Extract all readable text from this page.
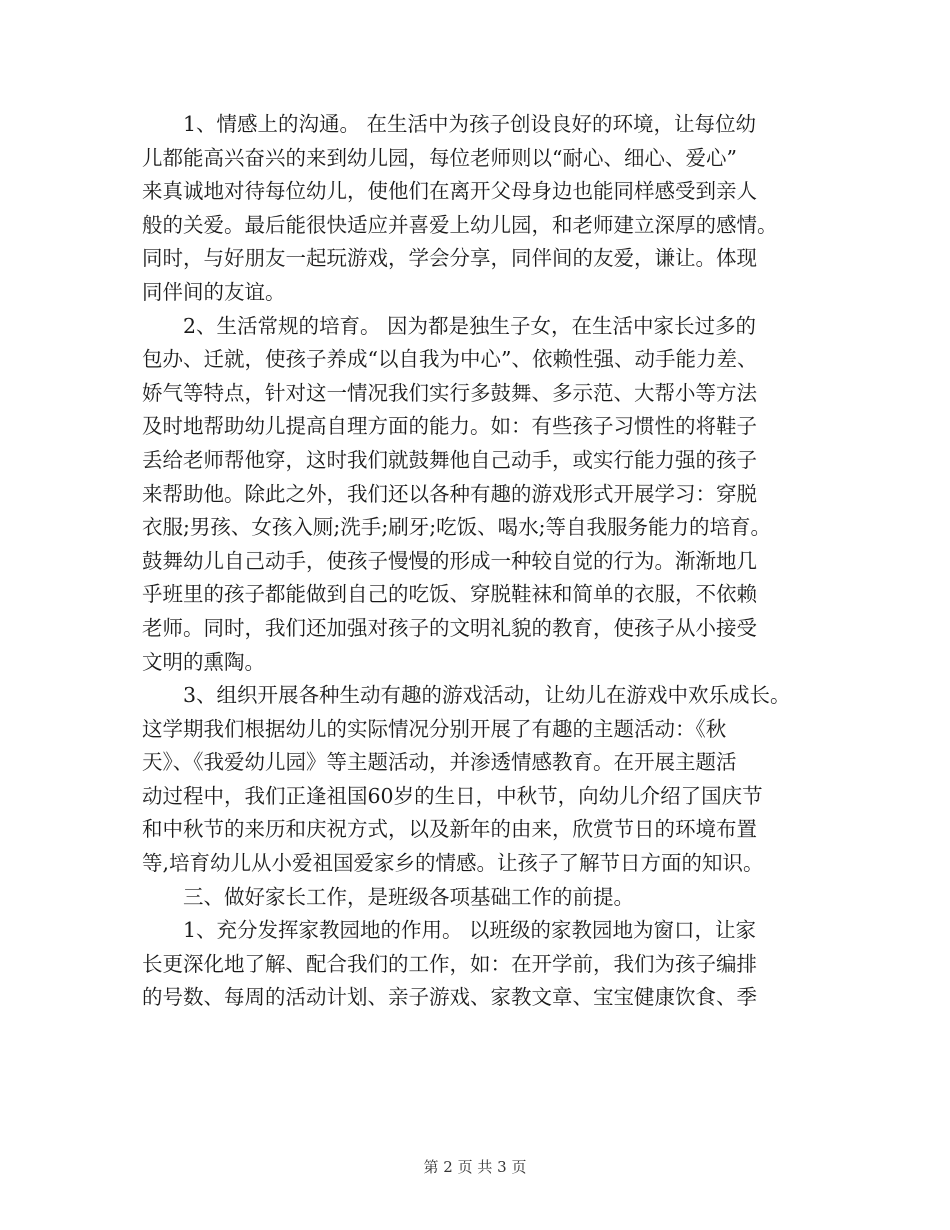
　　1、情感上的沟通。 在生活中为孩子创设良好的环境，让每位幼
儿都能高兴奋兴的来到幼儿园，每位老师则以“耐心、细心、爱心”
来真诚地对待每位幼儿，使他们在离开父母身边也能同样感受到亲人
般的关爱。最后能很快适应并喜爱上幼儿园，和老师建立深厚的感情。
同时，与好朋友一起玩游戏，学会分享，同伴间的友爱，谦让。体现
同伴间的友谊。
　　2、生活常规的培育。 因为都是独生子女，在生活中家长过多的
包办、迁就，使孩子养成“以自我为中心”、依赖性强、动手能力差、
娇气等特点，针对这一情况我们实行多鼓舞、多示范、大帮小等方法
及时地帮助幼儿提高自理方面的能力。如：有些孩子习惯性的将鞋子
丢给老师帮他穿，这时我们就鼓舞他自己动手，或实行能力强的孩子
来帮助他。除此之外，我们还以各种有趣的游戏形式开展学习：穿脱
衣服;男孩、女孩入厕;洗手;刷牙;吃饭、喝水;等自我服务能力的培育。
鼓舞幼儿自己动手，使孩子慢慢的形成一种较自觉的行为。渐渐地几
乎班里的孩子都能做到自己的吃饭、穿脱鞋袜和简单的衣服，不依赖
老师。同时，我们还加强对孩子的文明礼貌的教育，使孩子从小接受
文明的熏陶。
　　3、组织开展各种生动有趣的游戏活动，让幼儿在游戏中欢乐成长。
这学期我们根据幼儿的实际情况分别开展了有趣的主题活动：《秋
天》、《我爱幼儿园》等主题活动，并渗透情感教育。在开展主题活
动过程中，我们正逢祖国60岁的生日，中秋节，向幼儿介绍了国庆节
和中秋节的来历和庆祝方式，以及新年的由来，欣赏节日的环境布置
等,培育幼儿从小爱祖国爱家乡的情感。让孩子了解节日方面的知识。
　　三、做好家长工作，是班级各项基础工作的前提。
　　1、充分发挥家教园地的作用。 以班级的家教园地为窗口，让家
长更深化地了解、配合我们的工作，如：在开学前，我们为孩子编排
的号数、每周的活动计划、亲子游戏、家教文章、宝宝健康饮食、季
第 2 页 共 3 页
